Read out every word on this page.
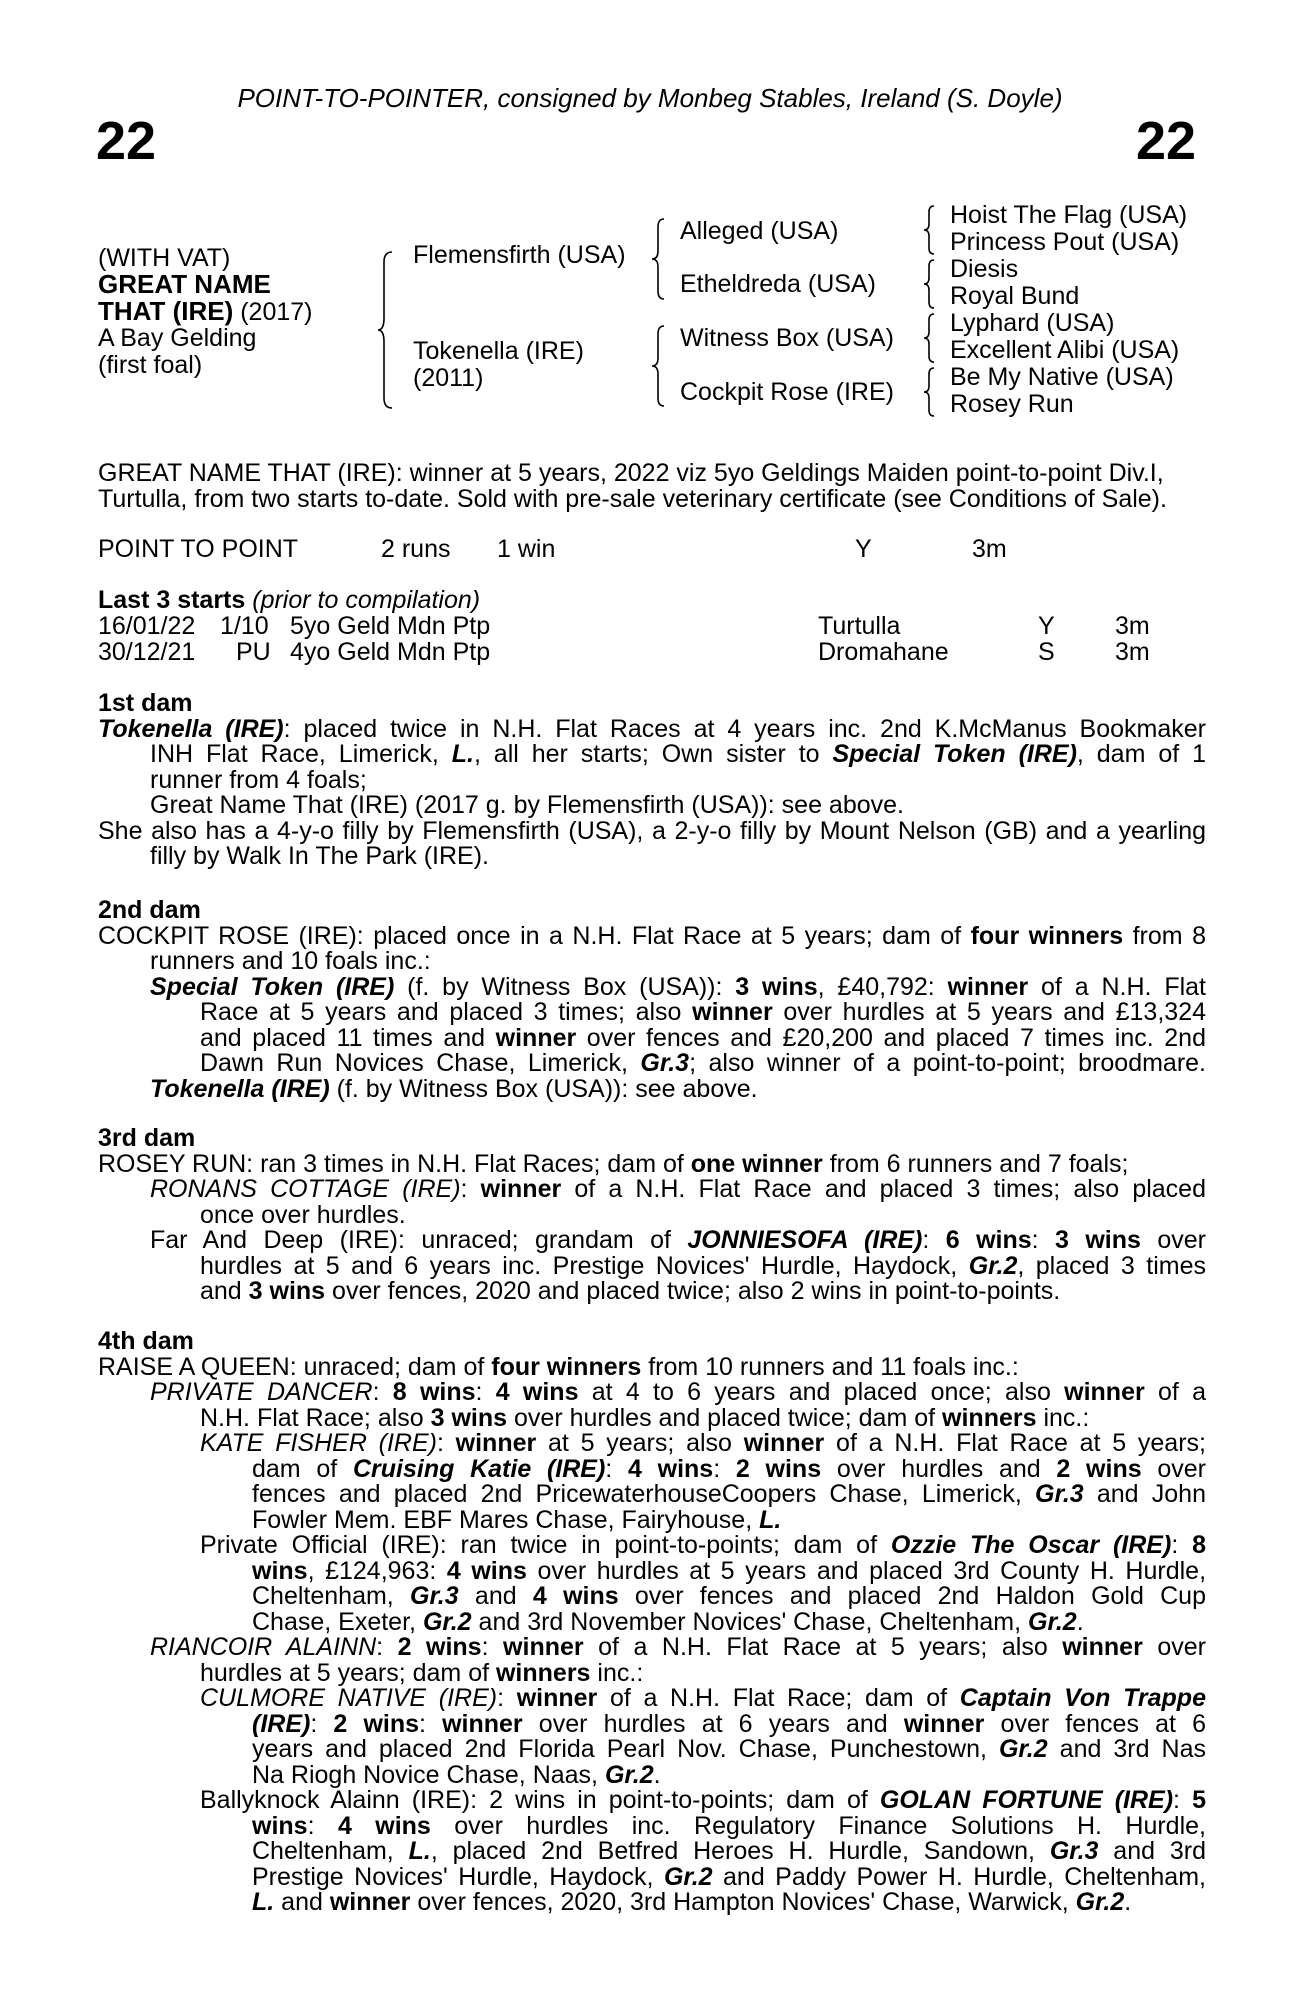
22	22
POINT-TO-POINTER, consigned by Monbeg Stables, Ireland (S. Doyle)
(WITH VAT)
GREAT NAME
THAT (IRE) (2017)
A Bay Gelding
(first foal)
Flemensfirth (USA)
Tokenella (IRE)
(2011)
Alleged (USA)
Etheldreda (USA)
Witness Box (USA)
Cockpit Rose (IRE)
Hoist The Flag (USA)
Princess Pout (USA)
Diesis
Royal Bund
Lyphard (USA)
Excellent Alibi (USA)
Be My Native (USA)
Rosey Run
GREAT NAME THAT (IRE): winner at 5 years, 2022 viz 5yo Geldings Maiden point-to-point Div.I,
Turtulla, from two starts to-date. Sold with pre-sale veterinary certificate (see Conditions of Sale).
POINT TO POINT	2 runs 1 win	Y	3m
Last 3 starts (prior to compilation)
16/01/22 1/10 5yo Geld Mdn Ptp	Turtulla	Y 3m
30/12/21 PU 4yo Geld Mdn Ptp	Dromahane	S 3m
1st dam
Tokenella (IRE): placed twice in N.H. Flat Races at 4 years inc. 2nd K.McManus Bookmaker
INH Flat Race, Limerick, L., all her starts; Own sister to Special Token (IRE), dam of 1
runner from 4 foals;
Great Name That (IRE) (2017 g. by Flemensfirth (USA)): see above.
She also has a 4-y-o filly by Flemensfirth (USA), a 2-y-o filly by Mount Nelson (GB) and a yearling
filly by Walk In The Park (IRE).
2nd dam
COCKPIT ROSE (IRE): placed once in a N.H. Flat Race at 5 years; dam of four winners from 8
runners and 10 foals inc.:
Special Token (IRE) (f. by Witness Box (USA)): 3 wins, £40,792: winner of a N.H. Flat
Race at 5 years and placed 3 times; also winner over hurdles at 5 years and £13,324
and placed 11 times and winner over fences and £20,200 and placed 7 times inc. 2nd
Dawn Run Novices Chase, Limerick, Gr.3; also winner of a point-to-point; broodmare.
Tokenella (IRE) (f. by Witness Box (USA)): see above.
3rd dam
ROSEY RUN: ran 3 times in N.H. Flat Races; dam of one winner from 6 runners and 7 foals;
RONANS COTTAGE (IRE): winner of a N.H. Flat Race and placed 3 times; also placed
once over hurdles.
Far And Deep (IRE): unraced; grandam of JONNIESOFA (IRE): 6 wins: 3 wins over
hurdles at 5 and 6 years inc. Prestige Novices' Hurdle, Haydock, Gr.2, placed 3 times
and 3 wins over fences, 2020 and placed twice; also 2 wins in point-to-points.
4th dam
RAISE A QUEEN: unraced; dam of four winners from 10 runners and 11 foals inc.:
PRIVATE DANCER: 8 wins: 4 wins at 4 to 6 years and placed once; also winner of a
N.H. Flat Race; also 3 wins over hurdles and placed twice; dam of winners inc.:
KATE FISHER (IRE): winner at 5 years; also winner of a N.H. Flat Race at 5 years;
dam of Cruising Katie (IRE): 4 wins: 2 wins over hurdles and 2 wins over
fences and placed 2nd PricewaterhouseCoopers Chase, Limerick, Gr.3 and John
Fowler Mem. EBF Mares Chase, Fairyhouse, L.
Private Official (IRE): ran twice in point-to-points; dam of Ozzie The Oscar (IRE): 8
wins, £124,963: 4 wins over hurdles at 5 years and placed 3rd County H. Hurdle,
Cheltenham, Gr.3 and 4 wins over fences and placed 2nd Haldon Gold Cup
Chase, Exeter, Gr.2 and 3rd November Novices' Chase, Cheltenham, Gr.2.
RIANCOIR ALAINN: 2 wins: winner of a N.H. Flat Race at 5 years; also winner over
hurdles at 5 years; dam of winners inc.:
CULMORE NATIVE (IRE): winner of a N.H. Flat Race; dam of Captain Von Trappe
(IRE): 2 wins: winner over hurdles at 6 years and winner over fences at 6
years and placed 2nd Florida Pearl Nov. Chase, Punchestown, Gr.2 and 3rd Nas
Na Riogh Novice Chase, Naas, Gr.2.
Ballyknock Alainn (IRE): 2 wins in point-to-points; dam of GOLAN FORTUNE (IRE): 5
wins: 4 wins over hurdles inc. Regulatory Finance Solutions H. Hurdle,
Cheltenham, L., placed 2nd Betfred Heroes H. Hurdle, Sandown, Gr.3 and 3rd
Prestige Novices' Hurdle, Haydock, Gr.2 and Paddy Power H. Hurdle, Cheltenham,
L. and winner over fences, 2020, 3rd Hampton Novices' Chase, Warwick, Gr.2.
